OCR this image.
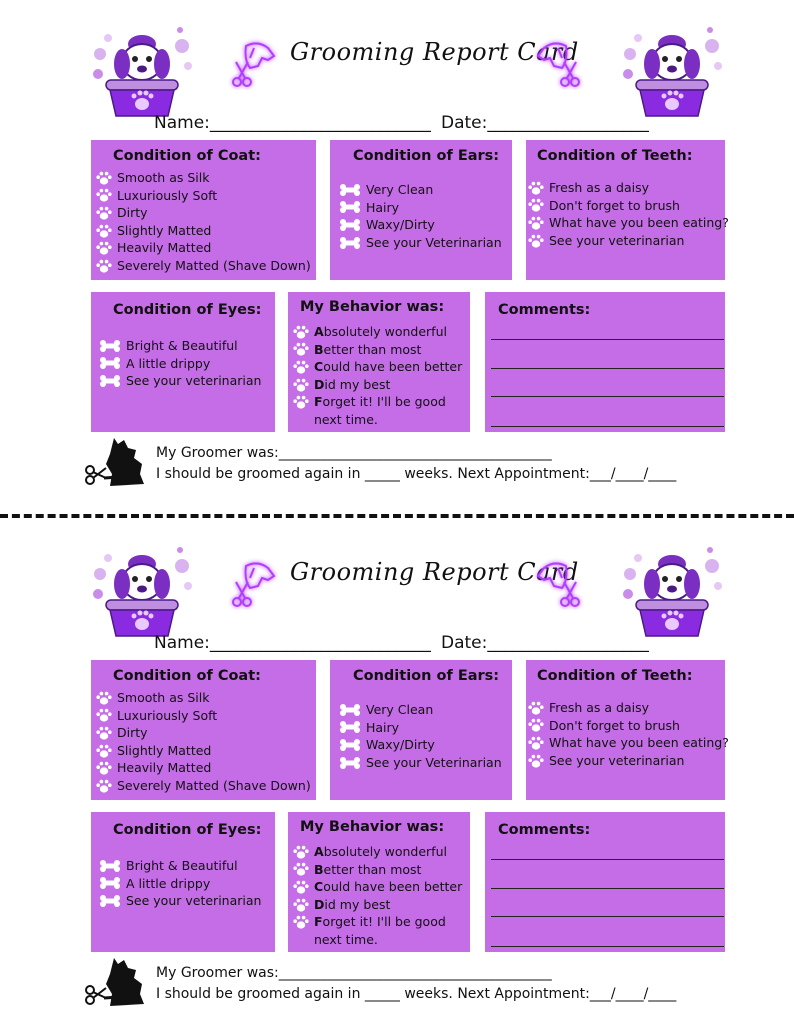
Grooming Report Card
Name:__________________________ Date:___________________
Condition of Coat:
Smooth as Silk
Luxuriously Soft
Dirty
Slightly Matted
Heavily Matted
Severely Matted (Shave Down)
Condition of Ears:
Very Clean
Hairy
Waxy/Dirty
See your Veterinarian
Condition of Teeth:
Fresh as a daisy
Don't forget to brush
What have you been eating?
See your veterinarian
Condition of Eyes:
Bright & Beautiful
A little drippy
See your veterinarian
My Behavior was:
A bsolutely wonderful
B etter than most
C ould have been better
D id my best
F orget it! I'll be good
next time.
Comments:
My Groomer was:_______________________________________
I should be groomed again in _____ weeks. Next Appointment:___/____/____
Grooming Report Card
Name:__________________________ Date:___________________
Condition of Coat:
Smooth as Silk
Luxuriously Soft
Dirty
Slightly Matted
Heavily Matted
Severely Matted (Shave Down)
Condition of Ears:
Very Clean
Hairy
Waxy/Dirty
See your Veterinarian
Condition of Teeth:
Fresh as a daisy
Don't forget to brush
What have you been eating?
See your veterinarian
Condition of Eyes:
Bright & Beautiful
A little drippy
See your veterinarian
My Behavior was:
A bsolutely wonderful
B etter than most
C ould have been better
D id my best
F orget it! I'll be good
next time.
Comments:
My Groomer was:_______________________________________
I should be groomed again in _____ weeks. Next Appointment:___/____/____
